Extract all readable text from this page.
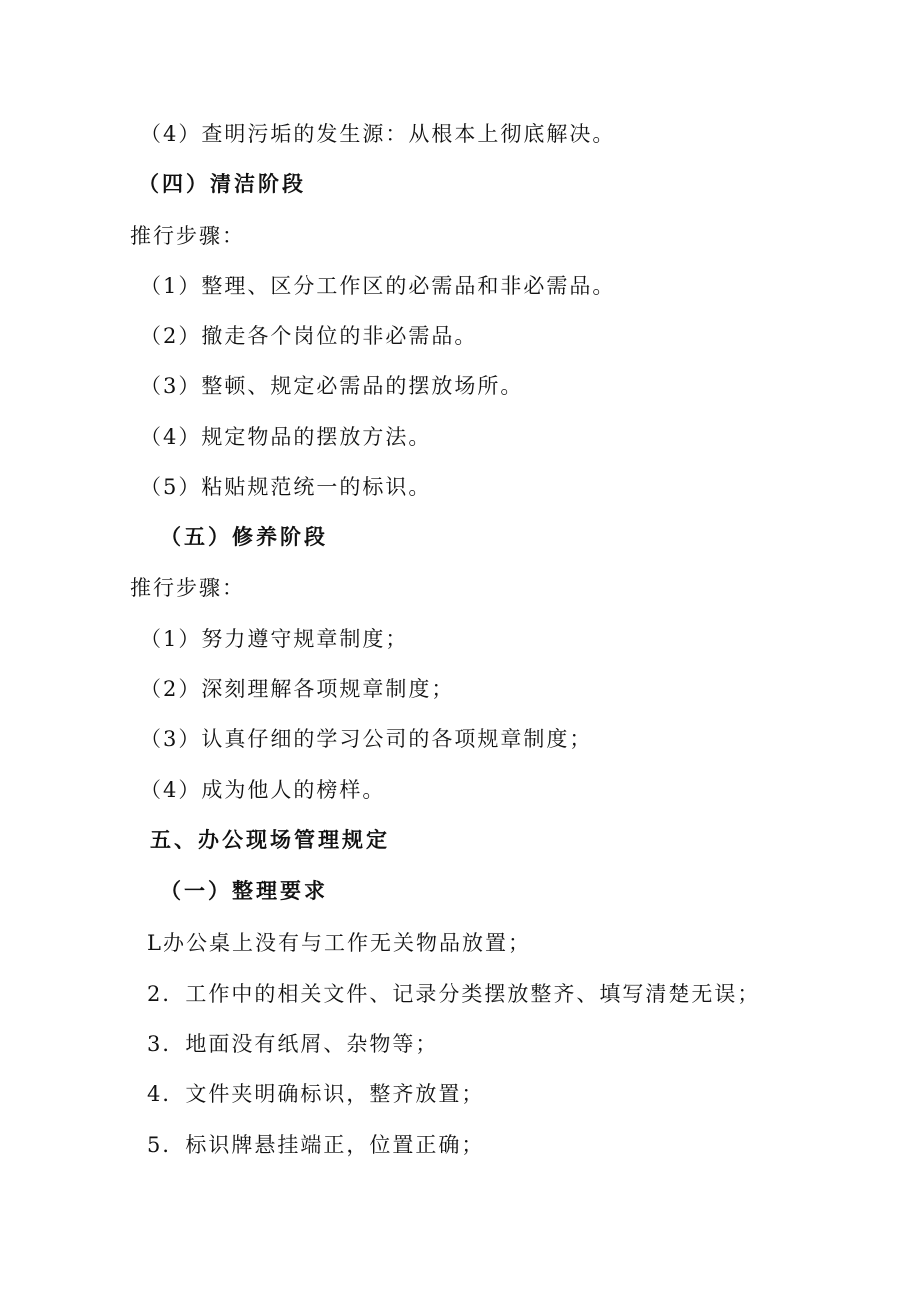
（4）查明污垢的发生源：从根本上彻底解决。
（四）清洁阶段
推行步骤：
（1）整理、区分工作区的必需品和非必需品。
（2）撤走各个岗位的非必需品。
（3）整顿、规定必需品的摆放场所。
（4）规定物品的摆放方法。
（5）粘贴规范统一的标识。
（五）修养阶段
推行步骤：
（1）努力遵守规章制度；
（2）深刻理解各项规章制度；
（3）认真仔细的学习公司的各项规章制度；
（4）成为他人的榜样。
五、办公现场管理规定
（一）整理要求
L办公桌上没有与工作无关物品放置；
2．工作中的相关文件、记录分类摆放整齐、填写清楚无误；
3．地面没有纸屑、杂物等；
4．文件夹明确标识，整齐放置；
5．标识牌悬挂端正，位置正确；
